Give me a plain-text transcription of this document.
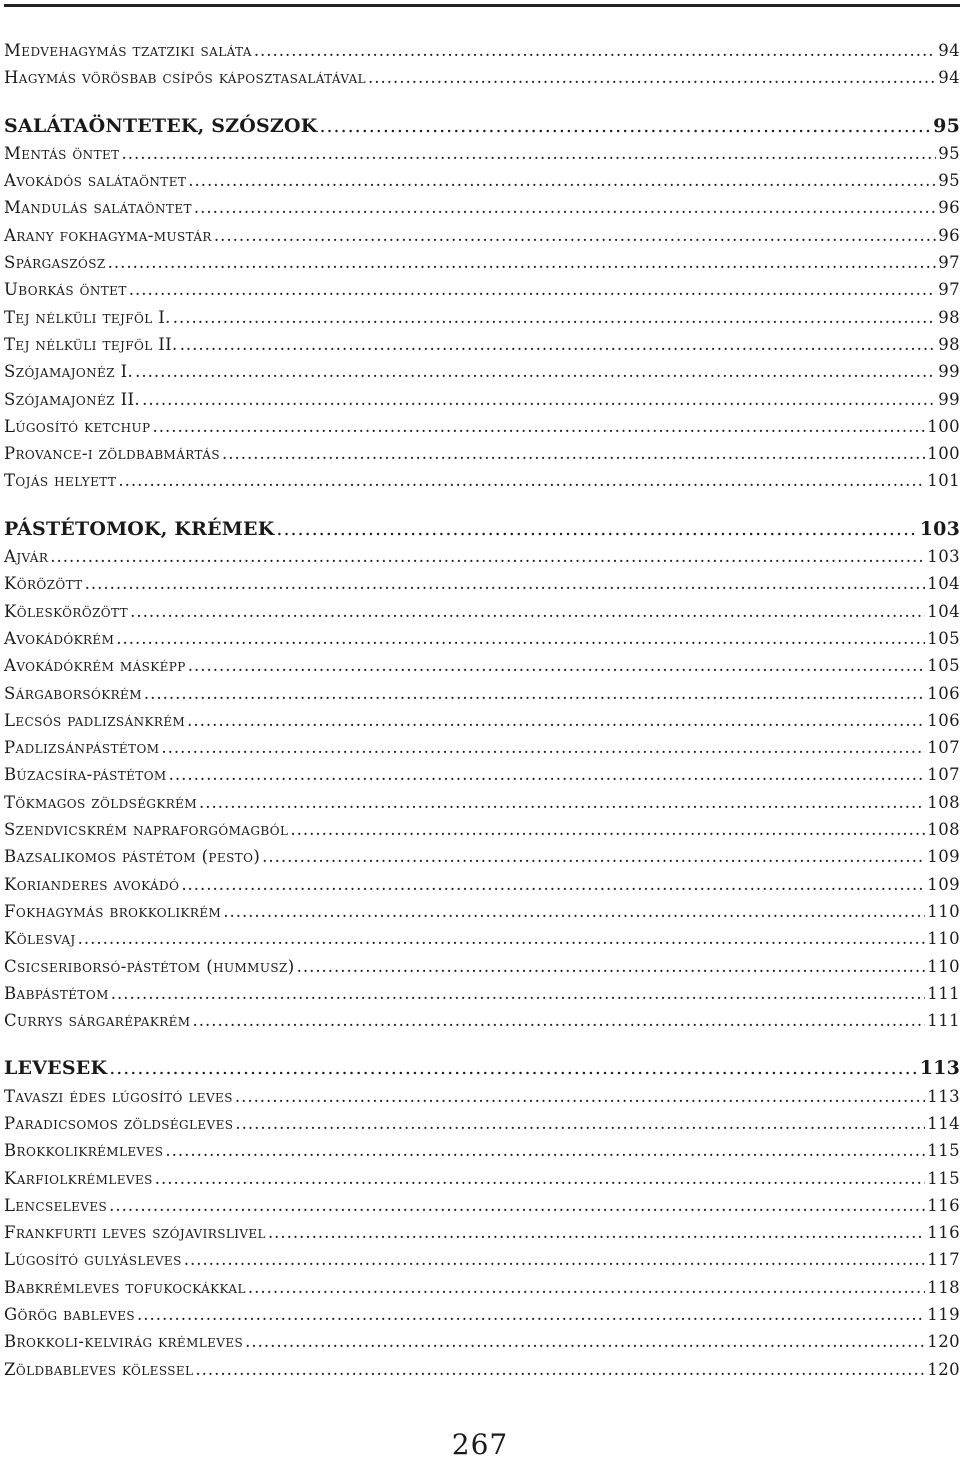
Medvehagymás tzatziki saláta .....	94
Hagymás vörösbab csípős káposztasalátával .....	94
SALÁTAÖNTETEK, SZÓSZOK .....	95
Mentás öntet .....	95
Avokádós salátaöntet .....	95
Mandulás salátaöntet .....	96
Arany fokhagyma-mustár .....	96
Spárgaszósz .....	97
Uborkás öntet .....	97
Tej nélküli tejföl I. .....	98
Tej nélküli tejföl II. .....	98
Szójamajonéz I. .....	99
Szójamajonéz II. .....	99
Lúgosító ketchup .....	100
Provance-i zöldbabmártás .....	100
Tojás helyett .....	101
PÁSTÉTOMOK, KRÉMEK .....	103
Ajvár .....	103
Körözött .....	104
Köleskörözött .....	104
Avokádókrém .....	105
Avokádókrém másképp .....	105
Sárgaborsókrém .....	106
Lecsós padlizsánkrém .....	106
Padlizsánpástétom .....	107
Búzacsíra-pástétom .....	107
Tökmagos zöldségkrém .....	108
Szendvicskrém napraforgómagból .....	108
Bazsalikomos pástétom (pesto) .....	109
Korianderes avokádó .....	109
Fokhagymás brokkolikrém .....	110
Kölesvaj .....	110
Csicseriborsó-pástétom (hummusz) .....	110
Babpástétom .....	111
Currys sárgarépakrém .....	111
LEVESEK .....	113
Tavaszi édes lúgosító leves .....	113
Paradicsomos zöldségleves .....	114
Brokkolikrémleves .....	115
Karfiolkrémleves .....	115
Lencseleves .....	116
Frankfurti leves szójavirslivel .....	116
Lúgosító gulyásleves .....	117
Babkrémleves tofukockákkal .....	118
Görög bableves .....	119
Brokkoli-kelvirág krémleves .....	120
Zöldbableves kölessel .....	120
267
